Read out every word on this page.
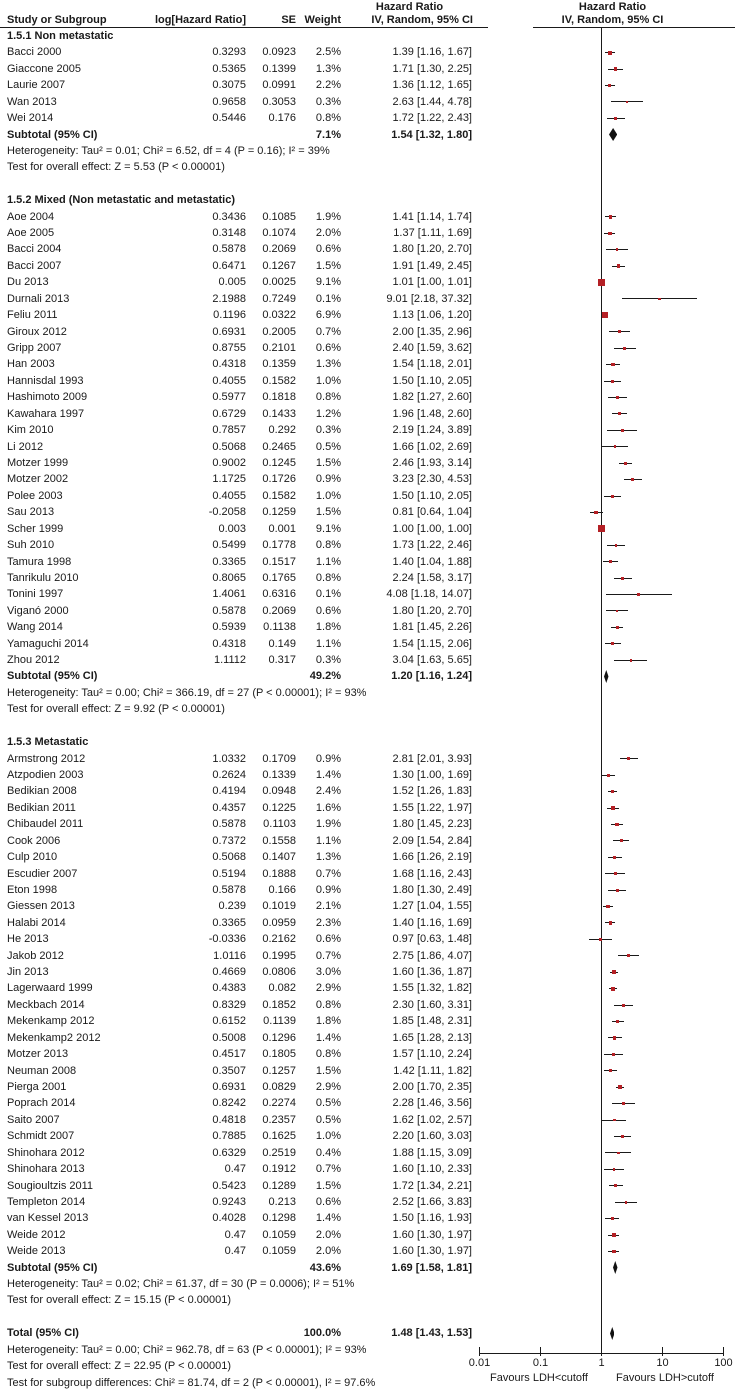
Hazard Ratio	Hazard Ratio
Study or Subgroup	log[Hazard Ratio]	SE Weight	IV, Random, 95% CI	IV, Random, 95% CI
1.5.1 Non metastatic
Bacci 2000	0.3293	0.0923	2.5%	1.39 [1.16, 1.67]
Giaccone 2005	0.5365	0.1399	1.3%	1.71 [1.30, 2.25]
Laurie 2007	0.3075	0.0991	2.2%	1.36 [1.12, 1.65]
Wan 2013	0.9658	0.3053	0.3%	2.63 [1.44, 4.78]
Wei 2014	0.5446	0.176	0.8%	1.72 [1.22, 2.43]
Subtotal (95% CI)	7.1%	1.54 [1.32, 1.80]
Heterogeneity: Tau² = 0.01; Chi² = 6.52, df = 4 (P = 0.16); I² = 39%
Test for overall effect: Z = 5.53 (P < 0.00001)
1.5.2 Mixed (Non metastatic and metastatic)
Aoe 2004	0.3436	0.1085	1.9%	1.41 [1.14, 1.74]
Aoe 2005	0.3148	0.1074	2.0%	1.37 [1.11, 1.69]
Bacci 2004	0.5878	0.2069	0.6%	1.80 [1.20, 2.70]
Bacci 2007	0.6471	0.1267	1.5%	1.91 [1.49, 2.45]
Du 2013	0.005	0.0025	9.1%	1.01 [1.00, 1.01]
Durnali 2013	2.1988	0.7249	0.1%	9.01 [2.18, 37.32]
Feliu 2011	0.1196	0.0322	6.9%	1.13 [1.06, 1.20]
Giroux 2012	0.6931	0.2005	0.7%	2.00 [1.35, 2.96]
Gripp 2007	0.8755	0.2101	0.6%	2.40 [1.59, 3.62]
Han 2003	0.4318	0.1359	1.3%	1.54 [1.18, 2.01]
Hannisdal 1993	0.4055	0.1582	1.0%	1.50 [1.10, 2.05]
Hashimoto 2009	0.5977	0.1818	0.8%	1.82 [1.27, 2.60]
Kawahara 1997	0.6729	0.1433	1.2%	1.96 [1.48, 2.60]
Kim 2010	0.7857	0.292	0.3%	2.19 [1.24, 3.89]
Li 2012	0.5068	0.2465	0.5%	1.66 [1.02, 2.69]
Motzer 1999	0.9002	0.1245	1.5%	2.46 [1.93, 3.14]
Motzer 2002	1.1725	0.1726	0.9%	3.23 [2.30, 4.53]
Polee 2003	0.4055	0.1582	1.0%	1.50 [1.10, 2.05]
Sau 2013	-0.2058	0.1259	1.5%	0.81 [0.64, 1.04]
Scher 1999	0.003	0.001	9.1%	1.00 [1.00, 1.00]
Suh 2010	0.5499	0.1778	0.8%	1.73 [1.22, 2.46]
Tamura 1998	0.3365	0.1517	1.1%	1.40 [1.04, 1.88]
Tanrikulu 2010	0.8065	0.1765	0.8%	2.24 [1.58, 3.17]
Tonini 1997	1.4061	0.6316	0.1%	4.08 [1.18, 14.07]
Viganó 2000	0.5878	0.2069	0.6%	1.80 [1.20, 2.70]
Wang 2014	0.5939	0.1138	1.8%	1.81 [1.45, 2.26]
Yamaguchi 2014	0.4318	0.149	1.1%	1.54 [1.15, 2.06]
Zhou 2012	1.1112	0.317	0.3%	3.04 [1.63, 5.65]
Subtotal (95% CI)	49.2%	1.20 [1.16, 1.24]
Heterogeneity: Tau² = 0.00; Chi² = 366.19, df = 27 (P < 0.00001); I² = 93%
Test for overall effect: Z = 9.92 (P < 0.00001)
1.5.3 Metastatic
Armstrong 2012	1.0332	0.1709	0.9%	2.81 [2.01, 3.93]
Atzpodien 2003	0.2624	0.1339	1.4%	1.30 [1.00, 1.69]
Bedikian 2008	0.4194	0.0948	2.4%	1.52 [1.26, 1.83]
Bedikian 2011	0.4357	0.1225	1.6%	1.55 [1.22, 1.97]
Chibaudel 2011	0.5878	0.1103	1.9%	1.80 [1.45, 2.23]
Cook 2006	0.7372	0.1558	1.1%	2.09 [1.54, 2.84]
Culp 2010	0.5068	0.1407	1.3%	1.66 [1.26, 2.19]
Escudier 2007	0.5194	0.1888	0.7%	1.68 [1.16, 2.43]
Eton 1998	0.5878	0.166	0.9%	1.80 [1.30, 2.49]
Giessen 2013	0.239	0.1019	2.1%	1.27 [1.04, 1.55]
Halabi 2014	0.3365	0.0959	2.3%	1.40 [1.16, 1.69]
He 2013	-0.0336	0.2162	0.6%	0.97 [0.63, 1.48]
Jakob 2012	1.0116	0.1995	0.7%	2.75 [1.86, 4.07]
Jin 2013	0.4669	0.0806	3.0%	1.60 [1.36, 1.87]
Lagerwaard 1999	0.4383	0.082	2.9%	1.55 [1.32, 1.82]
Meckbach 2014	0.8329	0.1852	0.8%	2.30 [1.60, 3.31]
Mekenkamp 2012	0.6152	0.1139	1.8%	1.85 [1.48, 2.31]
Mekenkamp2 2012	0.5008	0.1296	1.4%	1.65 [1.28, 2.13]
Motzer 2013	0.4517	0.1805	0.8%	1.57 [1.10, 2.24]
Neuman 2008	0.3507	0.1257	1.5%	1.42 [1.11, 1.82]
Pierga 2001	0.6931	0.0829	2.9%	2.00 [1.70, 2.35]
Poprach 2014	0.8242	0.2274	0.5%	2.28 [1.46, 3.56]
Saito 2007	0.4818	0.2357	0.5%	1.62 [1.02, 2.57]
Schmidt 2007	0.7885	0.1625	1.0%	2.20 [1.60, 3.03]
Shinohara 2012	0.6329	0.2519	0.4%	1.88 [1.15, 3.09]
Shinohara 2013	0.47	0.1912	0.7%	1.60 [1.10, 2.33]
Sougioultzis 2011	0.5423	0.1289	1.5%	1.72 [1.34, 2.21]
Templeton 2014	0.9243	0.213	0.6%	2.52 [1.66, 3.83]
van Kessel 2013	0.4028	0.1298	1.4%	1.50 [1.16, 1.93]
Weide 2012	0.47	0.1059	2.0%	1.60 [1.30, 1.97]
Weide 2013	0.47	0.1059	2.0%	1.60 [1.30, 1.97]
Subtotal (95% CI)	43.6%	1.69 [1.58, 1.81]
Heterogeneity: Tau² = 0.02; Chi² = 61.37, df = 30 (P = 0.0006); I² = 51%
Test for overall effect: Z = 15.15 (P < 0.00001)
Total (95% CI)	100.0%	1.48 [1.43, 1.53]
Heterogeneity: Tau² = 0.00; Chi² = 962.78, df = 63 (P < 0.00001); I² = 93%
Test for overall effect: Z = 22.95 (P < 0.00001)
Test for subgroup differences: Chi² = 81.74, df = 2 (P < 0.00001), I² = 97.6%	Favours LDH<cutoff	Favours LDH>cutoff
0.01	0.1	1	10	100
